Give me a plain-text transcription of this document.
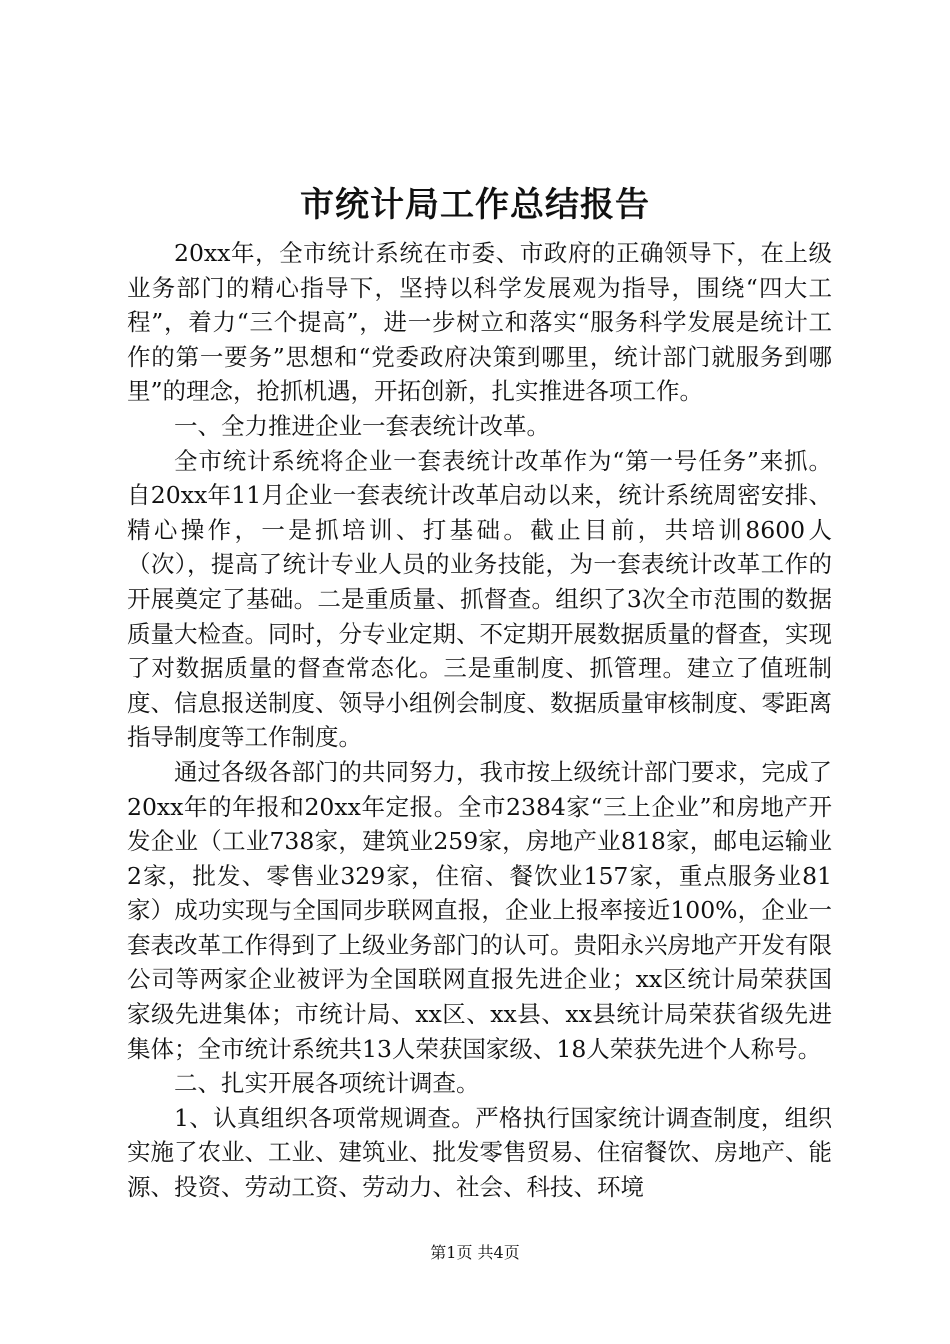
市统计局工作总结报告

20xx年，全市统计系统在市委、市政府的正确领导下，在上级业务部门的精心指导下，坚持以科学发展观为指导，围绕“四大工程”，着力“三个提高”，进一步树立和落实“服务科学发展是统计工作的第一要务”思想和“党委政府决策到哪里，统计部门就服务到哪里”的理念，抢抓机遇，开拓创新，扎实推进各项工作。

一、全力推进企业一套表统计改革。

全市统计系统将企业一套表统计改革作为“第一号任务”来抓。自20xx年11月企业一套表统计改革启动以来，统计系统周密安排、精心操作，一是抓培训、打基础。截止目前，共培训8600人（次），提高了统计专业人员的业务技能，为一套表统计改革工作的开展奠定了基础。二是重质量、抓督查。组织了3次全市范围的数据质量大检查。同时，分专业定期、不定期开展数据质量的督查，实现了对数据质量的督查常态化。三是重制度、抓管理。建立了值班制度、信息报送制度、领导小组例会制度、数据质量审核制度、零距离指导制度等工作制度。

通过各级各部门的共同努力，我市按上级统计部门要求，完成了20xx年的年报和20xx年定报。全市2384家“三上企业”和房地产开发企业（工业738家，建筑业259家，房地产业818家，邮电运输业2家，批发、零售业329家，住宿、餐饮业157家，重点服务业81家）成功实现与全国同步联网直报，企业上报率接近100%，企业一套表改革工作得到了上级业务部门的认可。贵阳永兴房地产开发有限公司等两家企业被评为全国联网直报先进企业；xx区统计局荣获国家级先进集体；市统计局、xx区、xx县、xx县统计局荣获省级先进集体；全市统计系统共13人荣获国家级、18人荣获先进个人称号。

二、扎实开展各项统计调查。

1、认真组织各项常规调查。严格执行国家统计调查制度，组织实施了农业、工业、建筑业、批发零售贸易、住宿餐饮、房地产、能源、投资、劳动工资、劳动力、社会、科技、环境

第1页 共4页
